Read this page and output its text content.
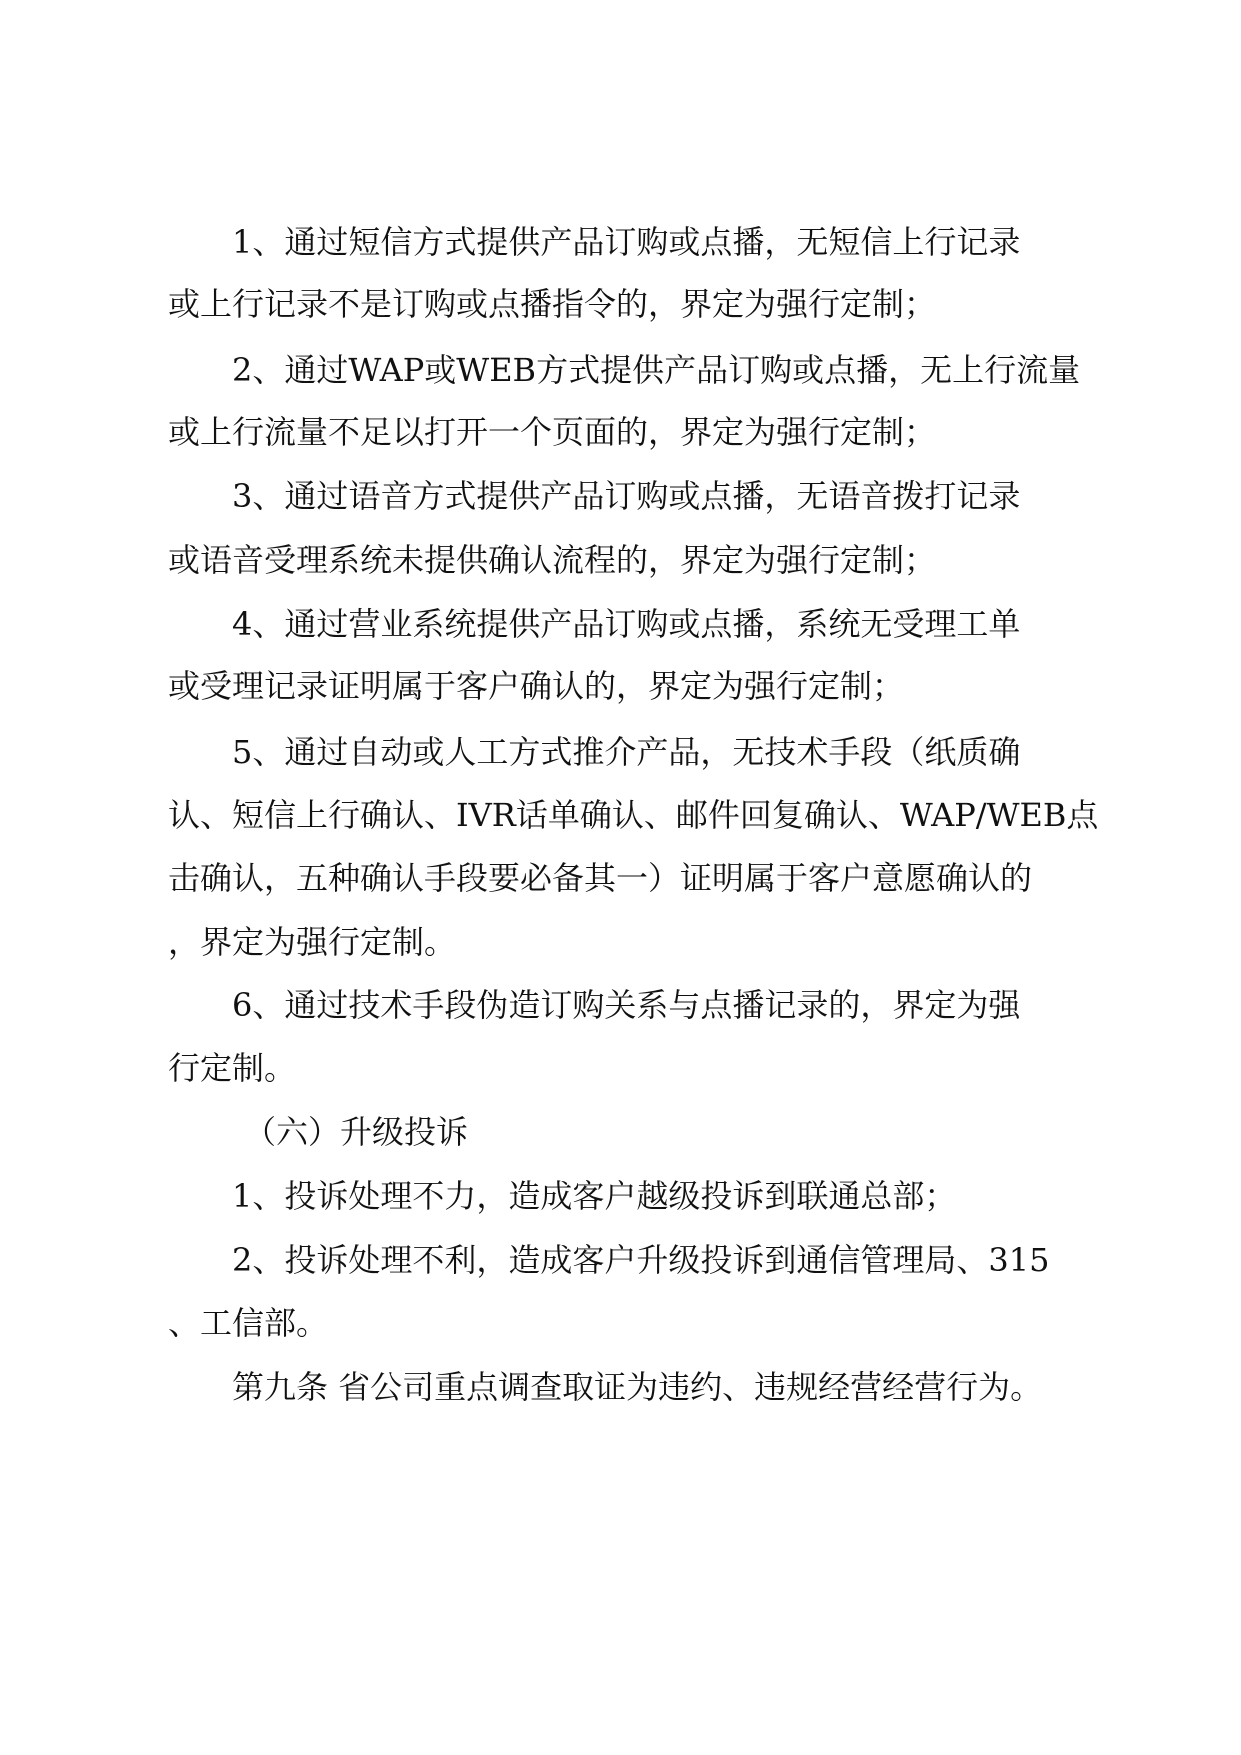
1、通过短信方式提供产品订购或点播，无短信上行记录

或上行记录不是订购或点播指令的，界定为强行定制；

2、通过WAP或WEB方式提供产品订购或点播，无上行流量

或上行流量不足以打开一个页面的，界定为强行定制；

3、通过语音方式提供产品订购或点播，无语音拨打记录

或语音受理系统未提供确认流程的，界定为强行定制；

4、通过营业系统提供产品订购或点播，系统无受理工单

或受理记录证明属于客户确认的，界定为强行定制；

5、通过自动或人工方式推介产品，无技术手段（纸质确

认、短信上行确认、IVR话单确认、邮件回复确认、WAP/WEB点

击确认，五种确认手段要必备其一）证明属于客户意愿确认的

，界定为强行定制。

6、通过技术手段伪造订购关系与点播记录的，界定为强

行定制。

（六）升级投诉

1、投诉处理不力，造成客户越级投诉到联通总部；

2、投诉处理不利，造成客户升级投诉到通信管理局、315

、工信部。

第九条 省公司重点调查取证为违约、违规经营经营行为。
